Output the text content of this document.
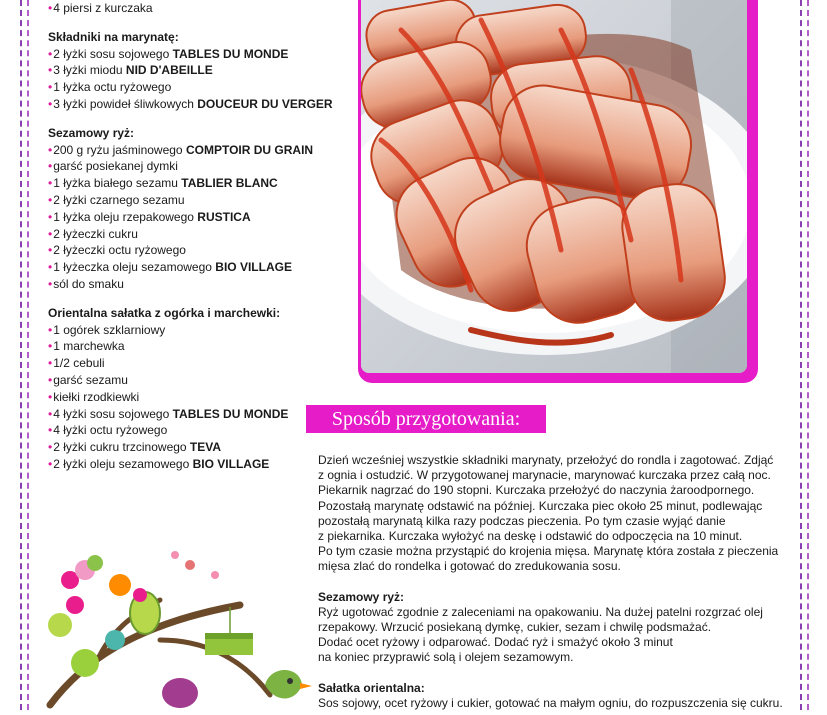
• 4 piersi z kurczaka
Składniki na marynatę:
• 2 łyżki sosu sojowego TABLES DU MONDE
• 3 łyżki miodu NID D'ABEILLE
• 1 łyżka octu ryżowego
• 3 łyżki powideł śliwkowych DOUCEUR DU VERGER
Sezamowy ryż:
• 200 g ryżu jaśminowego COMPTOIR DU GRAIN
• garść posiekanej dymki
• 1 łyżka białego sezamu TABLIER BLANC
• 2 łyżki czarnego sezamu
• 1 łyżka oleju rzepakowego RUSTICA
• 2 łyżeczki cukru
• 2 łyżeczki octu ryżowego
• 1 łyżeczka oleju sezamowego BIO VILLAGE
• sól do smaku
Orientalna sałatka z ogórka i marchewki:
• 1 ogórek szklarniowy
• 1 marchewka
• 1/2 cebuli
• garść sezamu
• kiełki rzodkiewki
• 4 łyżki sosu sojowego TABLES DU MONDE
• 4 łyżki octu ryżowego
• 2 łyżki cukru trzcinowego TEVA
• 2 łyżki oleju sezamowego BIO VILLAGE
Sposób przygotowania:

Dzień wcześniej wszystkie składniki marynaty, przełożyć do rondla i zagotować. Zdjąć

z ognia i ostudzić. W przygotowanej marynacie, marynować kurczaka przez całą noc.

Piekarnik nagrzać do 190 stopni. Kurczaka przełożyć do naczynia żaroodpornego.

Pozostałą marynatę odstawić na później. Kurczaka piec około 25 minut, podlewając

pozostałą marynatą kilka razy podczas pieczenia. Po tym czasie wyjąć danie

z piekarnika. Kurczaka wyłożyć na deskę i odstawić do odpoczęcia na 10 minut.

Po tym czasie można przystąpić do krojenia mięsa. Marynatę która została z pieczenia

mięsa zlać do rondelka i gotować do zredukowania sosu.

Sezamowy ryż:

Ryż ugotować zgodnie z zaleceniami na opakowaniu. Na dużej patelni rozgrzać olej

rzepakowy. Wrzucić posiekaną dymkę, cukier, sezam i chwilę podsmażać.

Dodać ocet ryżowy i odparować. Dodać ryż i smażyć około 3 minut

na koniec przyprawić solą i olejem sezamowym.

Sałatka orientalna:

Sos sojowy, ocet ryżowy i cukier, gotować na małym ogniu, do rozpuszczenia się cukru.
